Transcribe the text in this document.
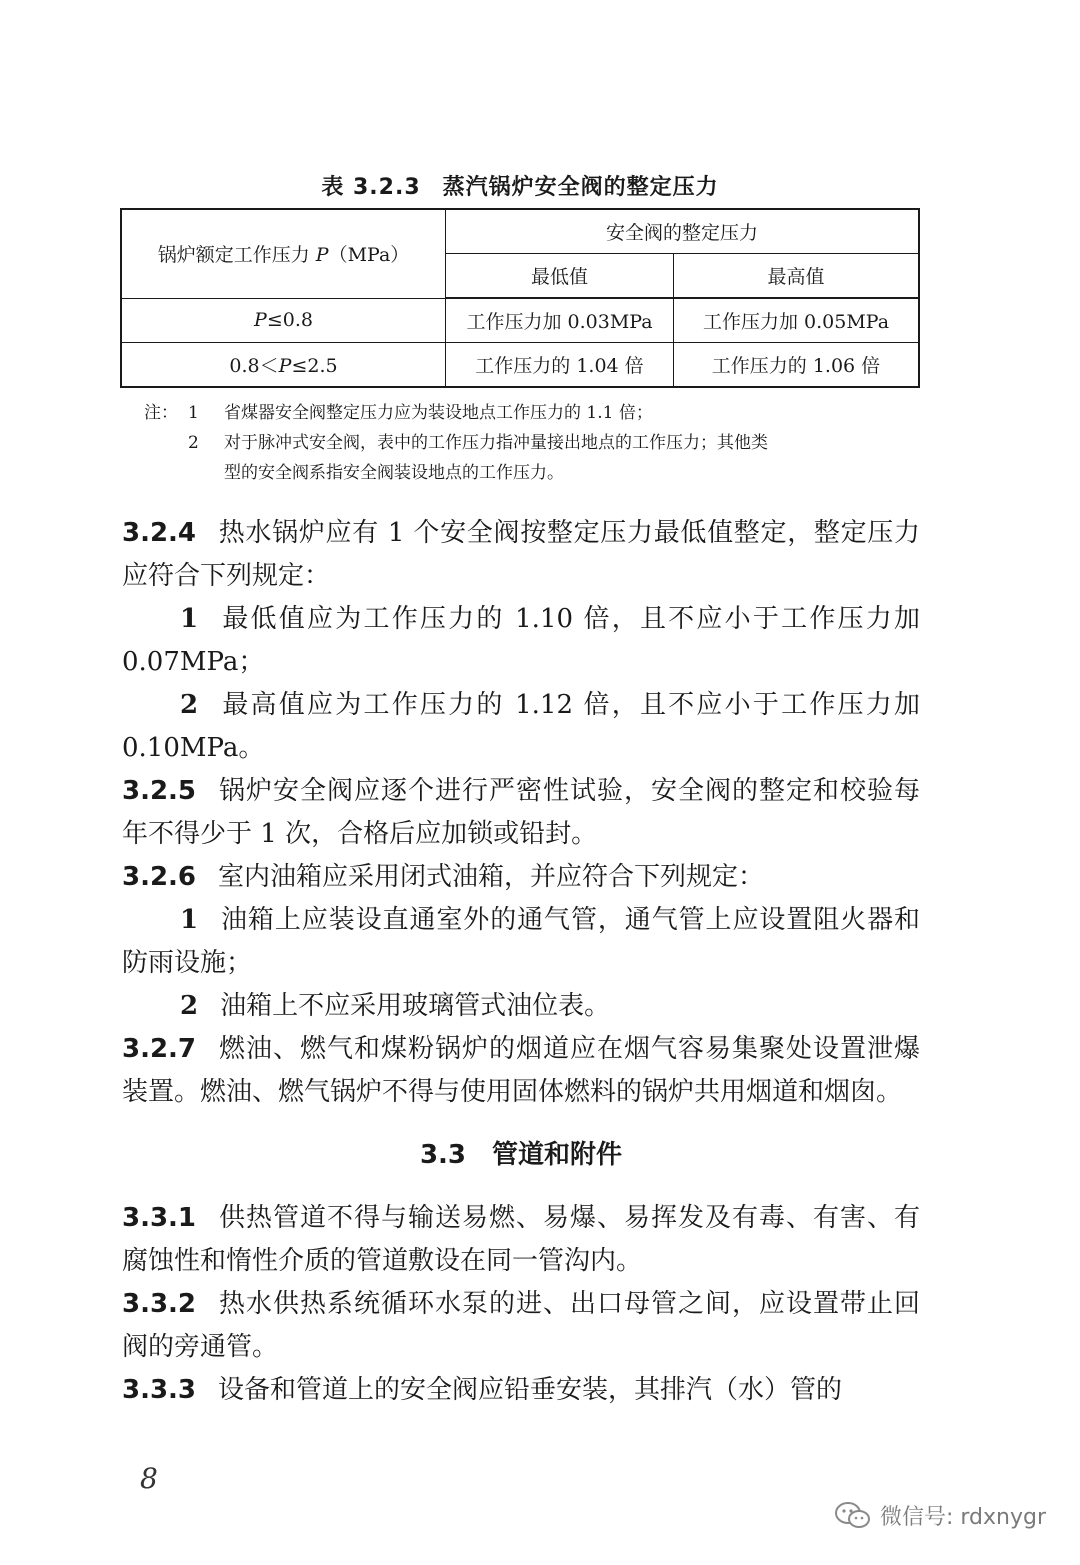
表 3.2.3 蒸汽锅炉安全阀的整定压力
锅炉额定工作压力 P（MPa）	安全阀的整定压力	
	最低值	最高值
P≤0.8	工作压力加 0.03MPa	工作压力加 0.05MPa
0.8＜P≤2.5	工作压力的 1.04 倍	工作压力的 1.06 倍
注： 1	省煤器安全阀整定压力应为装设地点工作压力的 1.1 倍；
2	对于脉冲式安全阀，表中的工作压力指冲量接出地点的工作压力；其他类
型的安全阀系指安全阀装设地点的工作压力。

3.2.4 热水锅炉应有 1 个安全阀按整定压力最低值整定，整定压力应符合下列规定：

1 最低值应为工作压力的 1.10 倍，且不应小于工作压力加 0.07MPa；

2 最高值应为工作压力的 1.12 倍，且不应小于工作压力加 0.10MPa。

3.2.5 锅炉安全阀应逐个进行严密性试验，安全阀的整定和校验每年不得少于 1 次，合格后应加锁或铅封。

3.2.6 室内油箱应采用闭式油箱，并应符合下列规定：

1 油箱上应装设直通室外的通气管，通气管上应设置阻火器和防雨设施；

2 油箱上不应采用玻璃管式油位表。

3.2.7 燃油、燃气和煤粉锅炉的烟道应在烟气容易集聚处设置泄爆装置。燃油、燃气锅炉不得与使用固体燃料的锅炉共用烟道和烟囱。

3.3 管道和附件

3.3.1 供热管道不得与输送易燃、易爆、易挥发及有毒、有害、有腐蚀性和惰性介质的管道敷设在同一管沟内。

3.3.2 热水供热系统循环水泵的进、出口母管之间，应设置带止回阀的旁通管。

3.3.3 设备和管道上的安全阀应铅垂安装，其排汽（水）管的

8
微信号: rdxnygr
